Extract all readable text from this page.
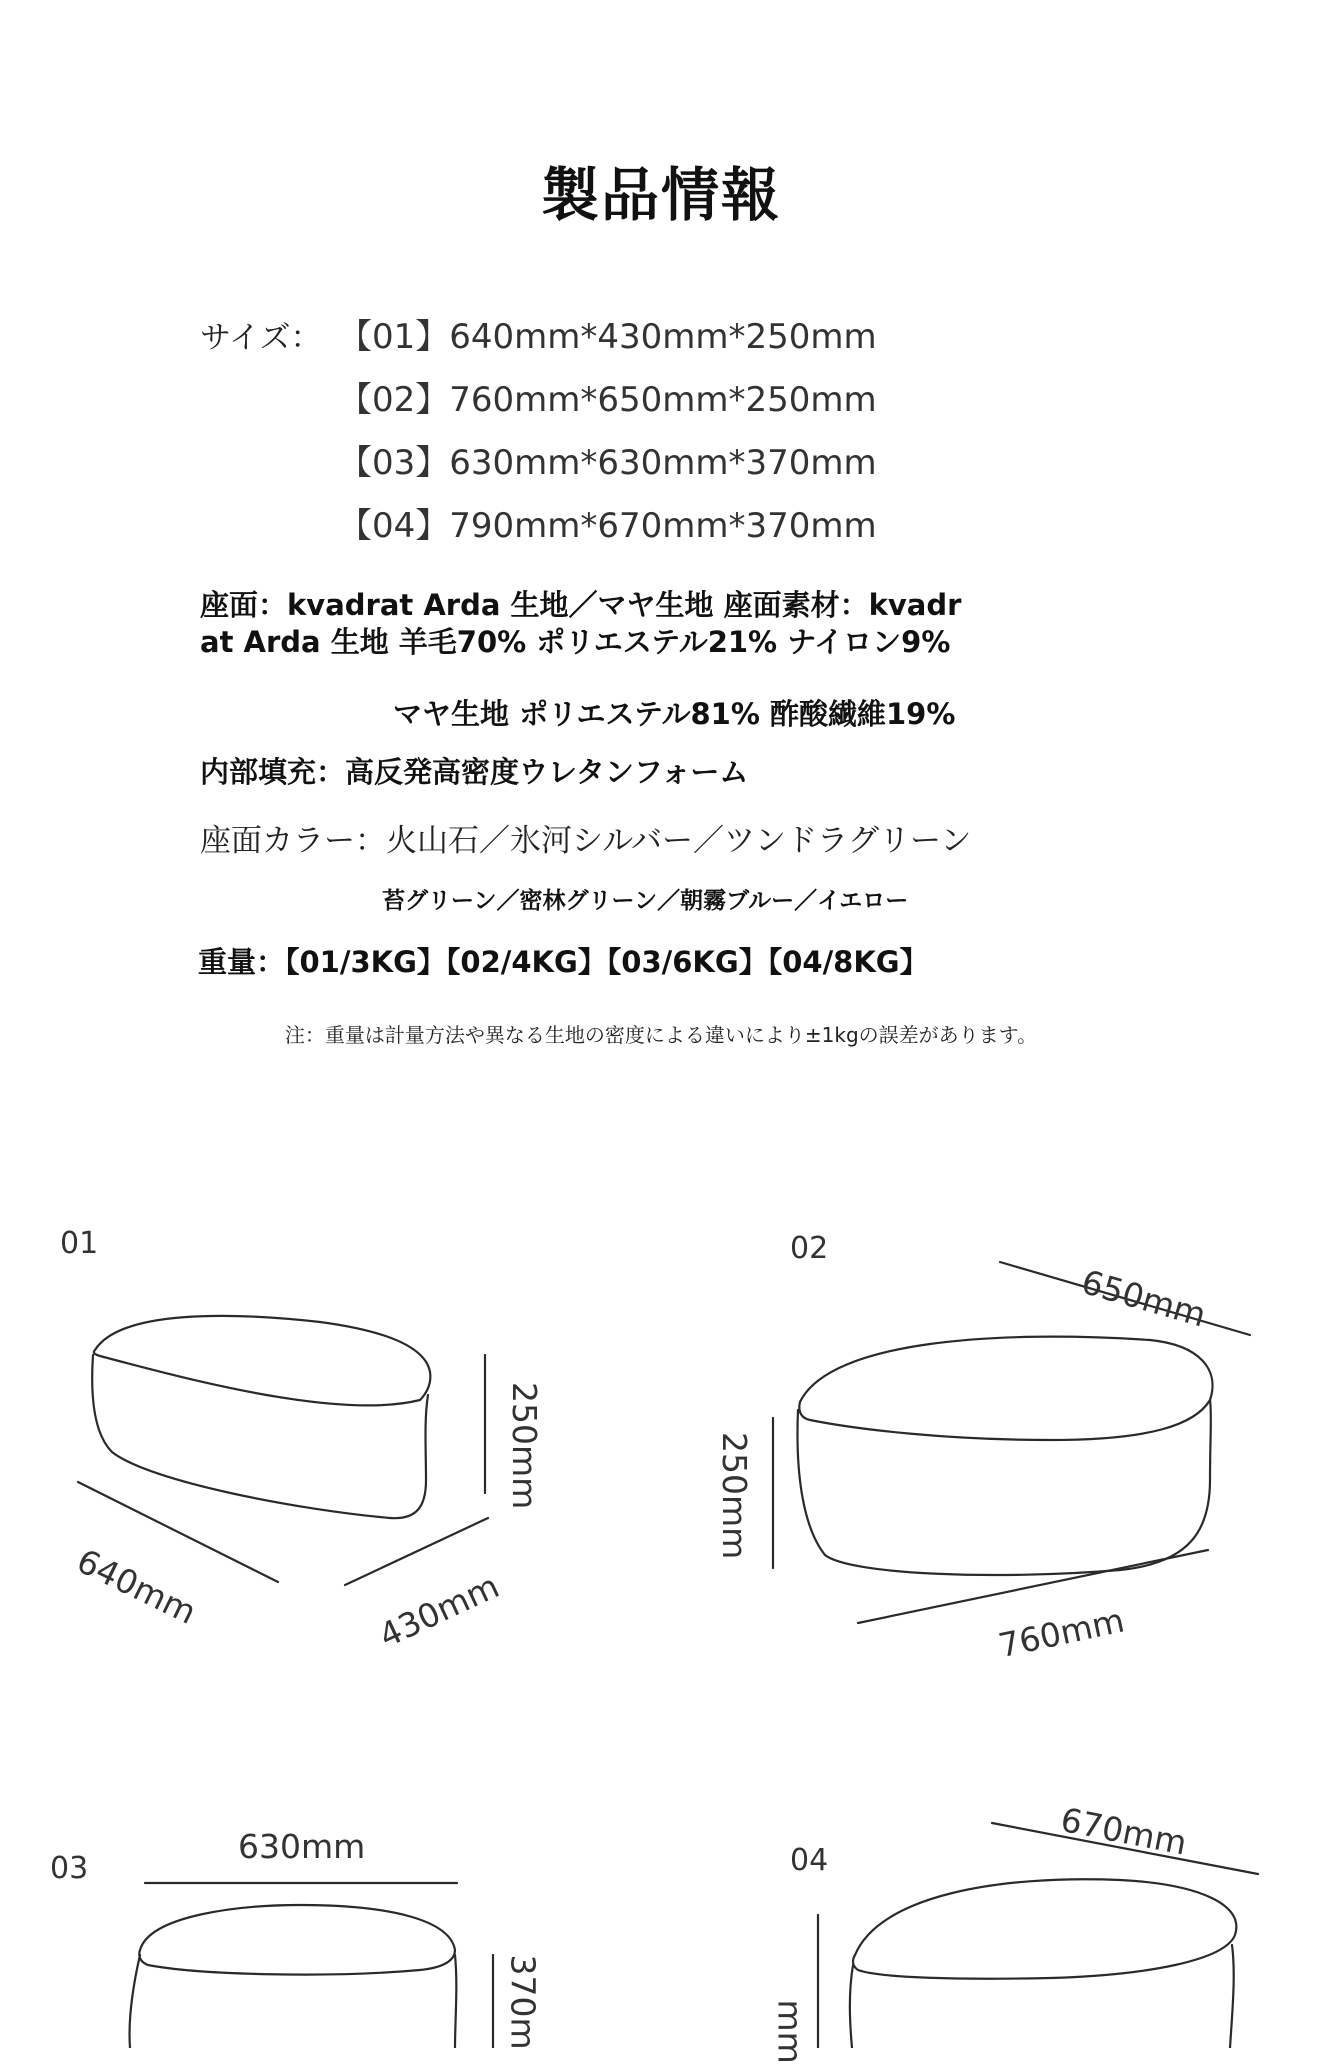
製品情報
サイズ： 【01】640mm*430mm*250mm
【02】760mm*650mm*250mm
【03】630mm*630mm*370mm
【04】790mm*670mm*370mm
座面：kvadrat Arda 生地／マヤ生地 座面素材：kvadr
at Arda 生地 羊毛70% ポリエステル21% ナイロン9%
マヤ生地 ポリエステル81% 酢酸繊維19%
内部填充：高反発高密度ウレタンフォーム
座面カラー：火山石／氷河シルバー／ツンドラグリーン
苔グリーン／密林グリーン／朝霧ブルー／イエロー
重量：【01/3KG】【02/4KG】【03/6KG】【04/8KG】
注：重量は計量方法や異なる生地の密度による違いにより±1kgの誤差があります。
01	02
03	04
250mm
640mm	430mm
650mm
250mm
760mm
630mm
370m
670mm
mm
